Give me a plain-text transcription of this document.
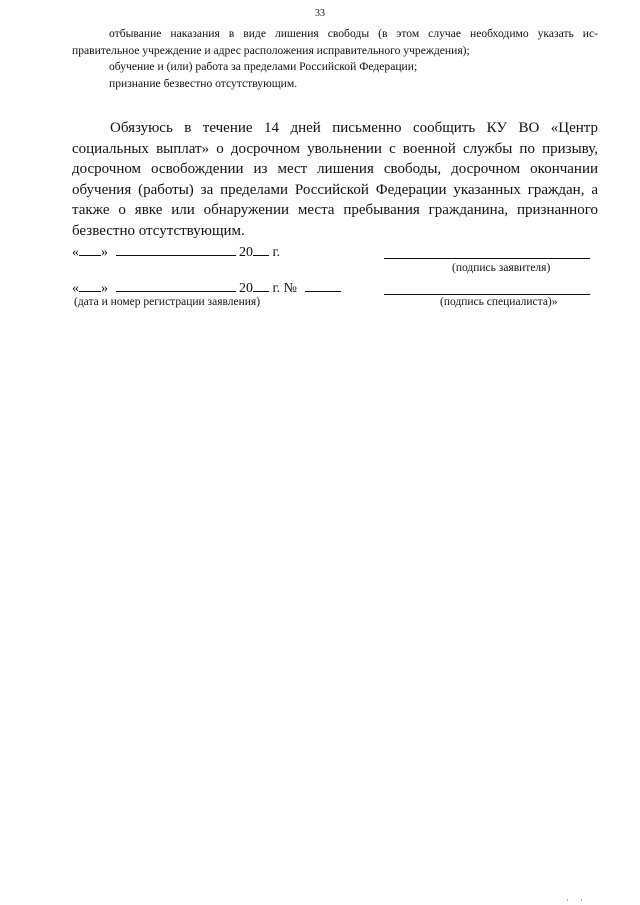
33

отбывание наказания в виде лишения свободы (в этом случае необходимо указать ис-

правительное учреждение и адрес расположения исправительного учреждения);

обучение и (или) работа за пределами Российской Федерации;

признание безвестно отсутствующим.

Обязуюсь в течение 14 дней письменно сообщить КУ ВО «Центр социальных выплат» о досрочном увольнении с военной службы по призыву, досрочном освобождении из мест лишения свободы, досрочном окончании обучения (работы) за пределами Российской Федерации указанных граждан, а также о явке или обнаружении места пребывания гражданина, признанного безвестно отсутствующим.

« »	20 г.
(подпись заявителя)
« »	20 г. №
(дата и номер регистрации заявления)	(подпись специалиста)»
· ·
